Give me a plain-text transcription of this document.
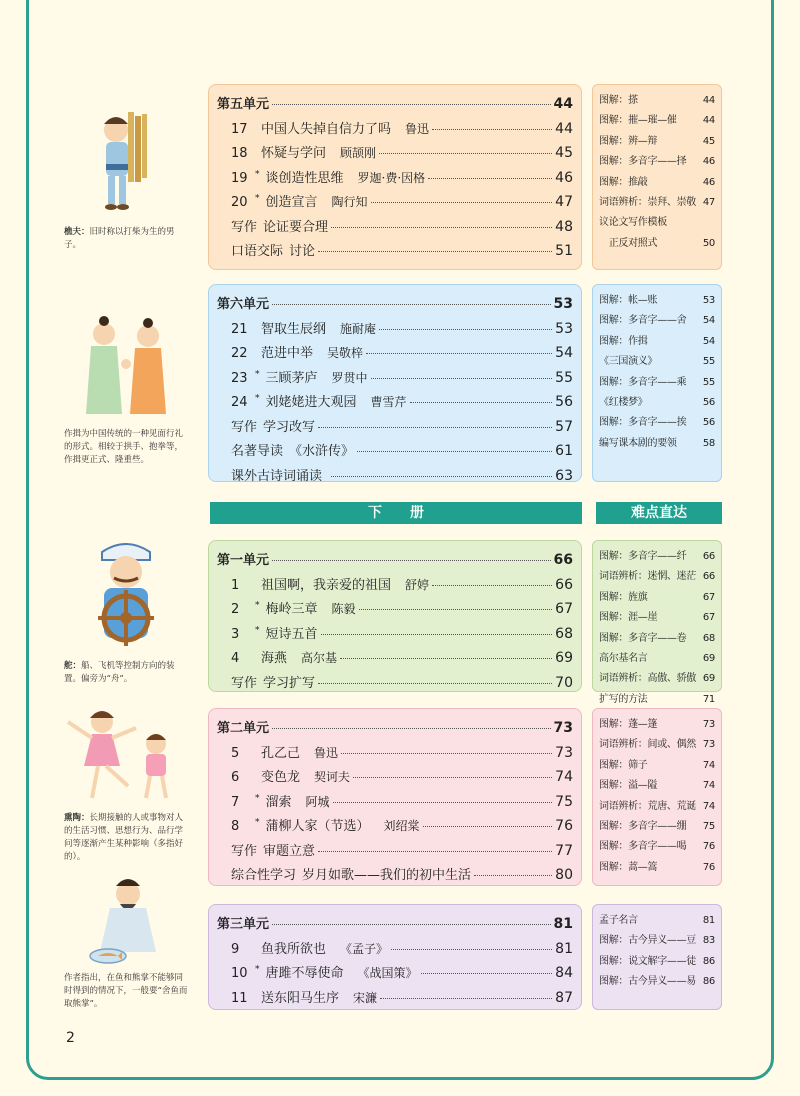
樵夫：旧时称以打柴为生的男子。
作揖为中国传统的一种见面行礼的形式。相较于拱手、抱拳等，作揖更正式、隆重些。
舵：船、飞机等控制方向的装置。偏旁为“舟”。
熏陶：长期接触的人或事物对人的生活习惯、思想行为、品行学问等逐渐产生某种影响（多指好的）。
作者指出，在鱼和熊掌不能够同时得到的情况下，一般要“舍鱼而取熊掌”。
下　　册	难点直达
第五单元	44
17 中国人失掉自信力了吗 鲁迅	44
18 怀疑与学问 顾颉刚	45
19 * 谈创造性思维 罗迦·费·因格	46
20 * 创造宣言 陶行知	47
写作 论证要合理	48
口语交际 讨论	51
第六单元	53
21 智取生辰纲 施耐庵	53
22 范进中举 吴敬梓	54
23 * 三顾茅庐 罗贯中	55
24 * 刘姥姥进大观园 曹雪芹	56
写作 学习改写	57
名著导读 《水浒传》	61
课外古诗词诵读	63
第一单元	66
1 祖国啊，我亲爱的祖国 舒婷	66
2 * 梅岭三章 陈毅	67
3 * 短诗五首	68
4 海燕 高尔基	69
写作 学习扩写	70
第二单元	73
5 孔乙己 鲁迅	73
6 变色龙 契诃夫	74
7 * 溜索 阿城	75
8 * 蒲柳人家（节选） 刘绍棠	76
写作 审题立意	77
综合性学习 岁月如歌——我们的初中生活	80
第三单元	81
9 鱼我所欲也 《孟子》	81
10 * 唐雎不辱使命 《战国策》	84
11 送东阳马生序 宋濂	87
图解：搽	44
图解：摧—璀—催	44
图解：辨—辩	45
图解：多音字——择 46
图解：推敲	46
词语辨析：崇拜、崇敬 47
议论文写作模板
　正反对照式	50
图解：帐—账	53
图解：多音字——舍 54
图解：作揖	54
《三国演义》	55
图解：多音字——乘 55
《红楼梦》	56
图解：多音字——挨 56
编写课本剧的要领	58
图解：多音字——纤 66
词语辨析：迷惘、迷茫 66
图解：旌旗	67
图解：涯—崖	67
图解：多音字——卷 68
高尔基名言	69
词语辨析：高傲、骄傲 69
扩写的方法	71
图解：蓬—篷	73
词语辨析：间或、偶然 73
图解：筛子	74
图解：溢—隘	74
词语辨析：荒唐、荒诞 74
图解：多音字——绷 75
图解：多音字——喝 76
图解：蒿—篙	76
孟子名言	81
图解：古今异义——豆 83
图解：说文解字——徒 86
图解：古今异义——易 86
2
